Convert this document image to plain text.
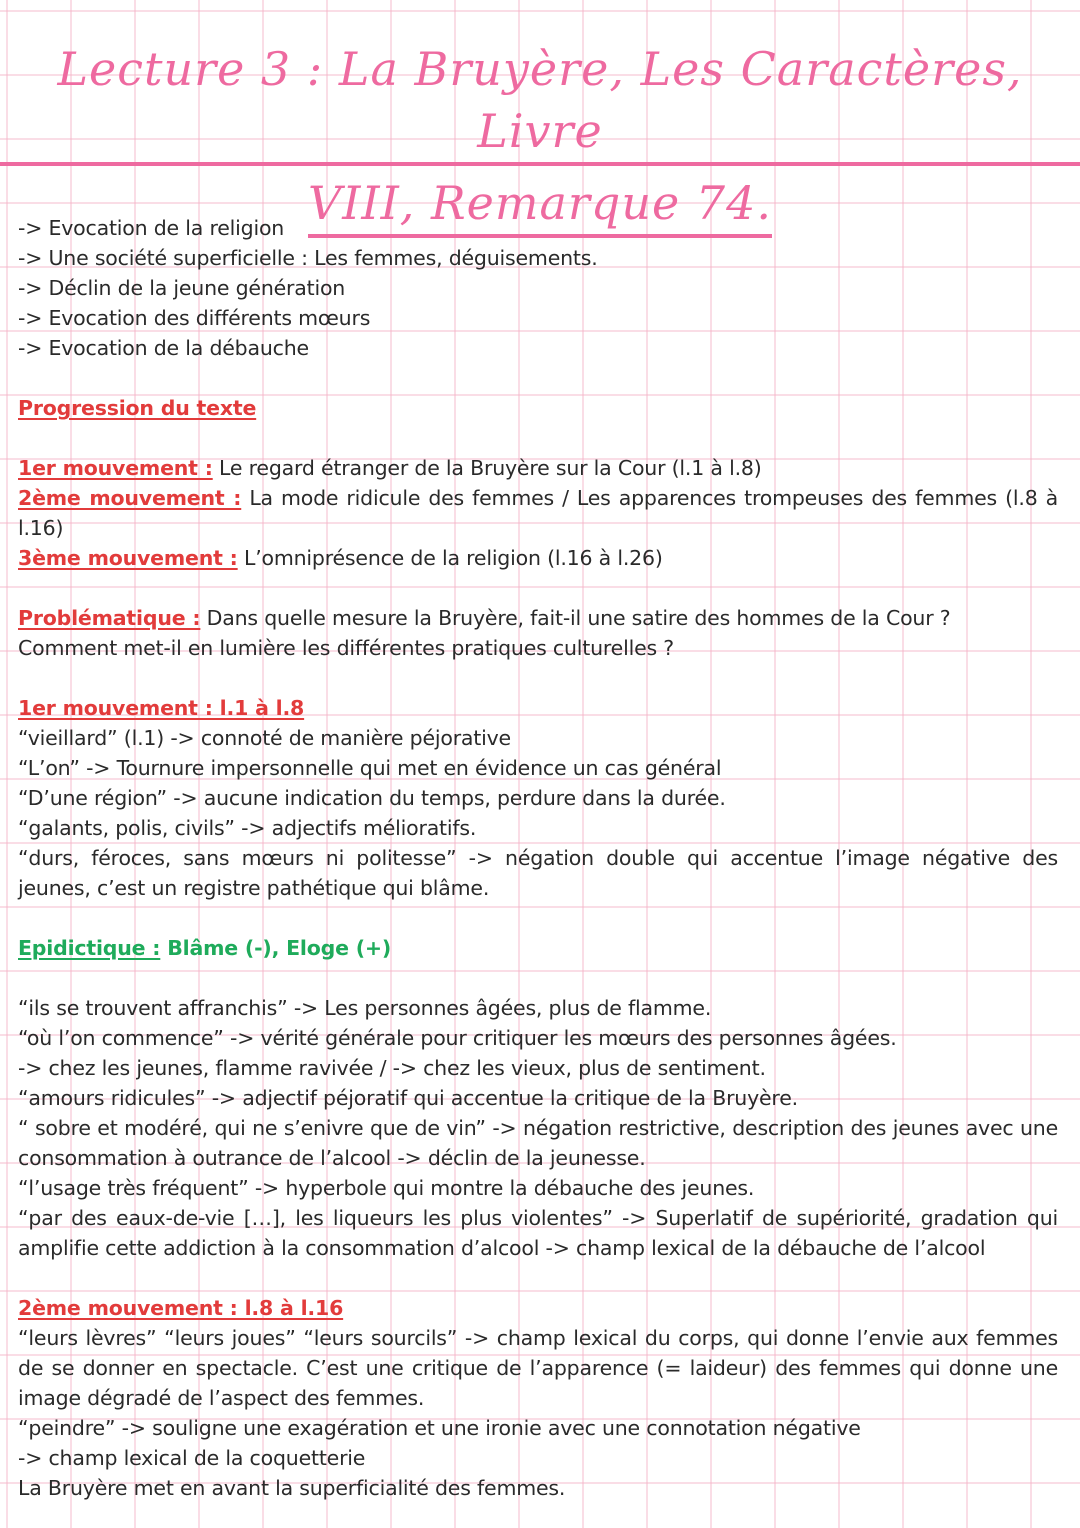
Lecture 3 : La Bruyère, Les Caractères, Livre
VIII, Remarque 74.

-> Evocation de la religion

-> Une société superficielle : Les femmes, déguisements.

-> Déclin de la jeune génération

-> Evocation des différents mœurs

-> Evocation de la débauche

Progression du texte

1er mouvement : Le regard étranger de la Bruyère sur la Cour (l.1 à l.8)

2ème mouvement : La mode ridicule des femmes / Les apparences trompeuses des femmes (l.8 à l.16)

3ème mouvement : L’omniprésence de la religion (l.16 à l.26)

Problématique : Dans quelle mesure la Bruyère, fait-il une satire des hommes de la Cour ?

Comment met-il en lumière les différentes pratiques culturelles ?

1er mouvement : l.1 à l.8

“vieillard” (l.1) -> connoté de manière péjorative

“L’on” -> Tournure impersonnelle qui met en évidence un cas général

“D’une région” -> aucune indication du temps, perdure dans la durée.

“galants, polis, civils” -> adjectifs mélioratifs.

“durs, féroces, sans mœurs ni politesse” -> négation double qui accentue l’image négative des jeunes, c’est un registre pathétique qui blâme.

Epidictique : Blâme (-), Eloge (+)

“ils se trouvent affranchis” -> Les personnes âgées, plus de flamme.

“où l’on commence” -> vérité générale pour critiquer les mœurs des personnes âgées.

-> chez les jeunes, flamme ravivée / -> chez les vieux, plus de sentiment.

“amours ridicules” -> adjectif péjoratif qui accentue la critique de la Bruyère.

“ sobre et modéré, qui ne s’enivre que de vin” -> négation restrictive, description des jeunes avec une consommation à outrance de l’alcool -> déclin de la jeunesse.

“l’usage très fréquent” -> hyperbole qui montre la débauche des jeunes.

“par des eaux-de-vie […], les liqueurs les plus violentes” -> Superlatif de supériorité, gradation qui amplifie cette addiction à la consommation d’alcool -> champ lexical de la débauche de l’alcool

2ème mouvement : l.8 à l.16

“leurs lèvres” “leurs joues” “leurs sourcils” -> champ lexical du corps, qui donne l’envie aux femmes de se donner en spectacle. C’est une critique de l’apparence (= laideur) des femmes qui donne une image dégradé de l’aspect des femmes.

“peindre” -> souligne une exagération et une ironie avec une connotation négative

-> champ lexical de la coquetterie

La Bruyère met en avant la superficialité des femmes.
